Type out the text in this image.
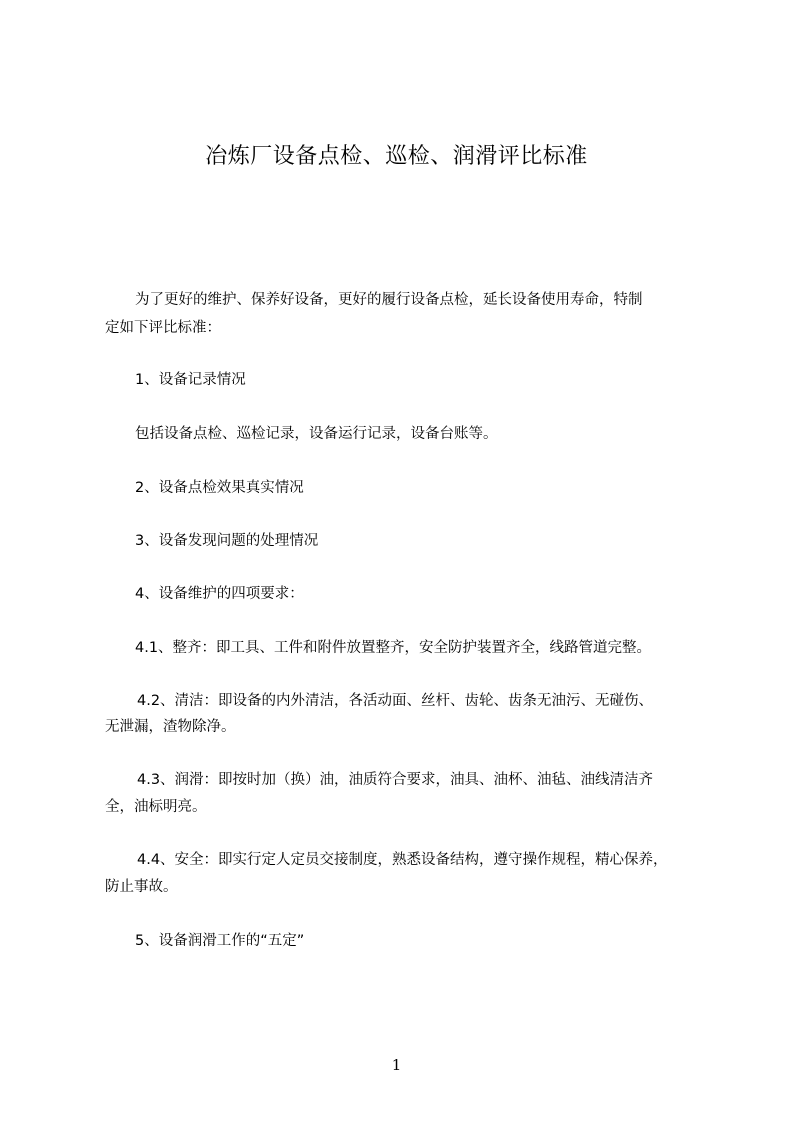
冶炼厂设备点检、巡检、润滑评比标准
为了更好的维护、保养好设备，更好的履行设备点检，延长设备使用寿命，特制
定如下评比标准：
1、设备记录情况
包括设备点检、巡检记录，设备运行记录，设备台账等。
2、设备点检效果真实情况
3、设备发现问题的处理情况
4、设备维护的四项要求：
4.1、整齐：即工具、工件和附件放置整齐，安全防护装置齐全，线路管道完整。
4.2、清洁：即设备的内外清洁，各活动面、丝杆、齿轮、齿条无油污、无碰伤、
无泄漏，渣物除净。
4.3、润滑：即按时加（换）油，油质符合要求，油具、油杯、油毡、油线清洁齐
全，油标明亮。
4.4、安全：即实行定人定员交接制度，熟悉设备结构，遵守操作规程，精心保养，
防止事故。
5、设备润滑工作的“五定”
1
